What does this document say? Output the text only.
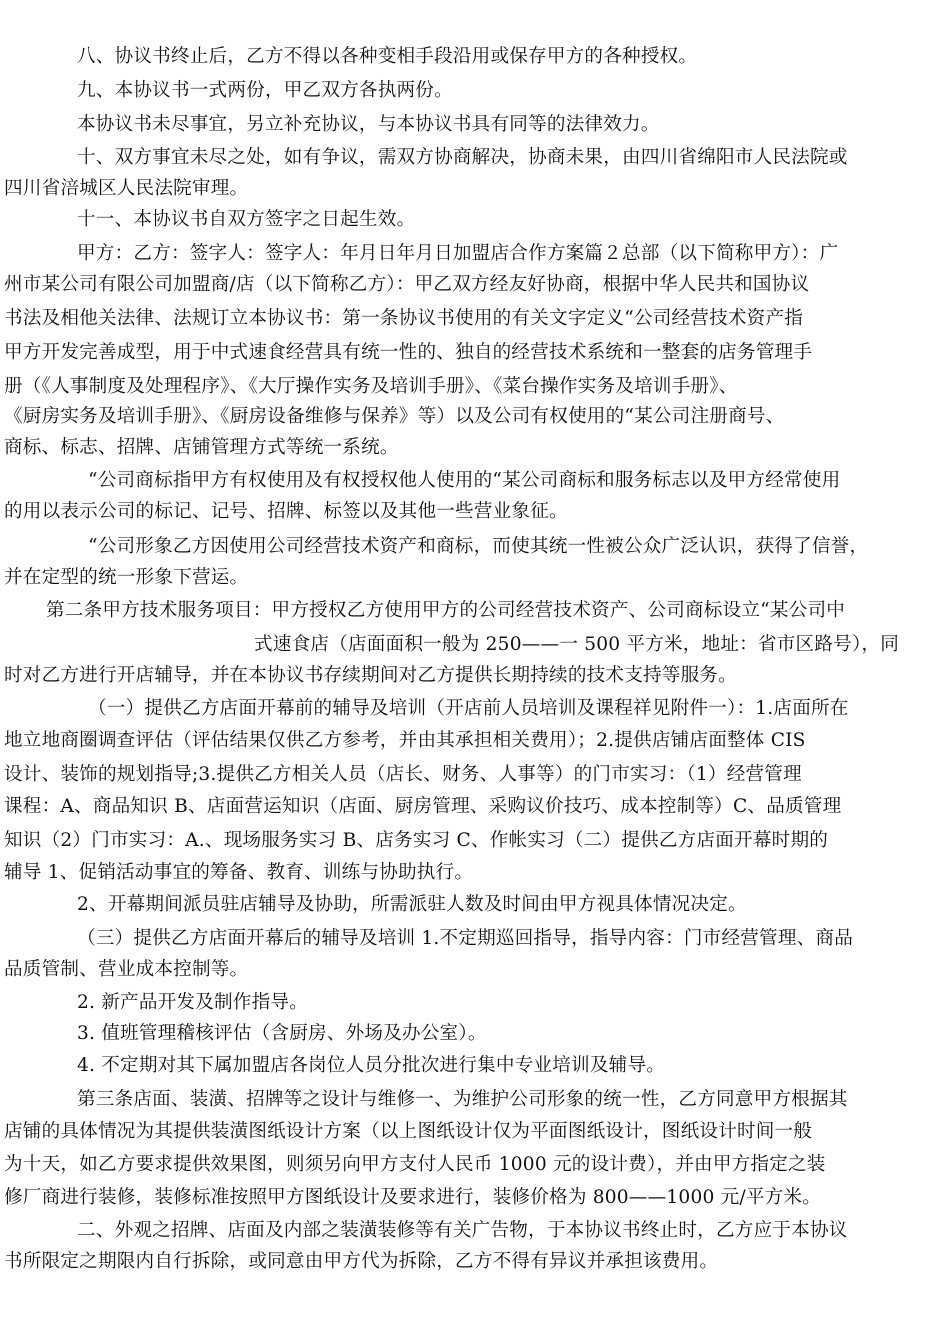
八、协议书终止后，乙方不得以各种变相手段沿用或保存甲方的各种授权。
九、本协议书一式两份，甲乙双方各执两份。
本协议书未尽事宜，另立补充协议，与本协议书具有同等的法律效力。
十、双方事宜未尽之处，如有争议，需双方协商解决，协商未果，由四川省绵阳市人民法院或
四川省涪城区人民法院审理。
十一、本协议书自双方签字之日起生效。
甲方：乙方：签字人：签字人：年月日年月日加盟店合作方案篇２总部（以下简称甲方）：广
州市某公司有限公司加盟商/店（以下简称乙方）：甲乙双方经友好协商，根据中华人民共和国协议
书法及相他关法律、法规订立本协议书：第一条协议书使用的有关文字定义“公司经营技术资产指
甲方开发完善成型，用于中式速食经营具有统一性的、独自的经营技术系统和一整套的店务管理手
册（《人事制度及处理程序》、《大厅操作实务及培训手册》、《菜台操作实务及培训手册》、
《厨房实务及培训手册》、《厨房设备维修与保养》等）以及公司有权使用的“某公司注册商号、
商标、标志、招牌、店铺管理方式等统一系统。
“公司商标指甲方有权使用及有权授权他人使用的“某公司商标和服务标志以及甲方经常使用
的用以表示公司的标记、记号、招牌、标签以及其他一些营业象征。
“公司形象乙方因使用公司经营技术资产和商标，而使其统一性被公众广泛认识，获得了信誉，
并在定型的统一形象下营运。
第二条甲方技术服务项目：甲方授权乙方使用甲方的公司经营技术资产、公司商标设立“某公司中
式速食店（店面面积一般为 250——一 500 平方米，地址：省市区路号），同
时对乙方进行开店辅导，并在本协议书存续期间对乙方提供长期持续的技术支持等服务。
（一）提供乙方店面开幕前的辅导及培训（开店前人员培训及课程祥见附件一）：1.店面所在
地立地商圈调查评估（评估结果仅供乙方参考，并由其承担相关费用）；2.提供店铺店面整体 CIS
设计、装饰的规划指导;3.提供乙方相关人员（店长、财务、人事等）的门市实习：（1）经营管理
课程：A、商品知识 B、店面营运知识（店面、厨房管理、采购议价技巧、成本控制等）C、品质管理
知识（2）门市实习：A.、现场服务实习 B、店务实习 C、作帐实习（二）提供乙方店面开幕时期的
辅导 1、促销活动事宜的筹备、教育、训练与协助执行。
2、开幕期间派员驻店辅导及协助，所需派驻人数及时间由甲方视具体情况决定。
（三）提供乙方店面开幕后的辅导及培训 1.不定期巡回指导，指导内容：门市经营管理、商品
品质管制、营业成本控制等。
2. 新产品开发及制作指导。
3. 值班管理稽核评估（含厨房、外场及办公室）。
4. 不定期对其下属加盟店各岗位人员分批次进行集中专业培训及辅导。
第三条店面、装潢、招牌等之设计与维修一、为维护公司形象的统一性，乙方同意甲方根据其
店铺的具体情况为其提供装潢图纸设计方案（以上图纸设计仅为平面图纸设计，图纸设计时间一般
为十天，如乙方要求提供效果图，则须另向甲方支付人民币 1000 元的设计费），并由甲方指定之装
修厂商进行装修，装修标准按照甲方图纸设计及要求进行，装修价格为 800——1000 元/平方米。
二、外观之招牌、店面及内部之装潢装修等有关广告物，于本协议书终止时，乙方应于本协议
书所限定之期限内自行拆除，或同意由甲方代为拆除，乙方不得有异议并承担该费用。
